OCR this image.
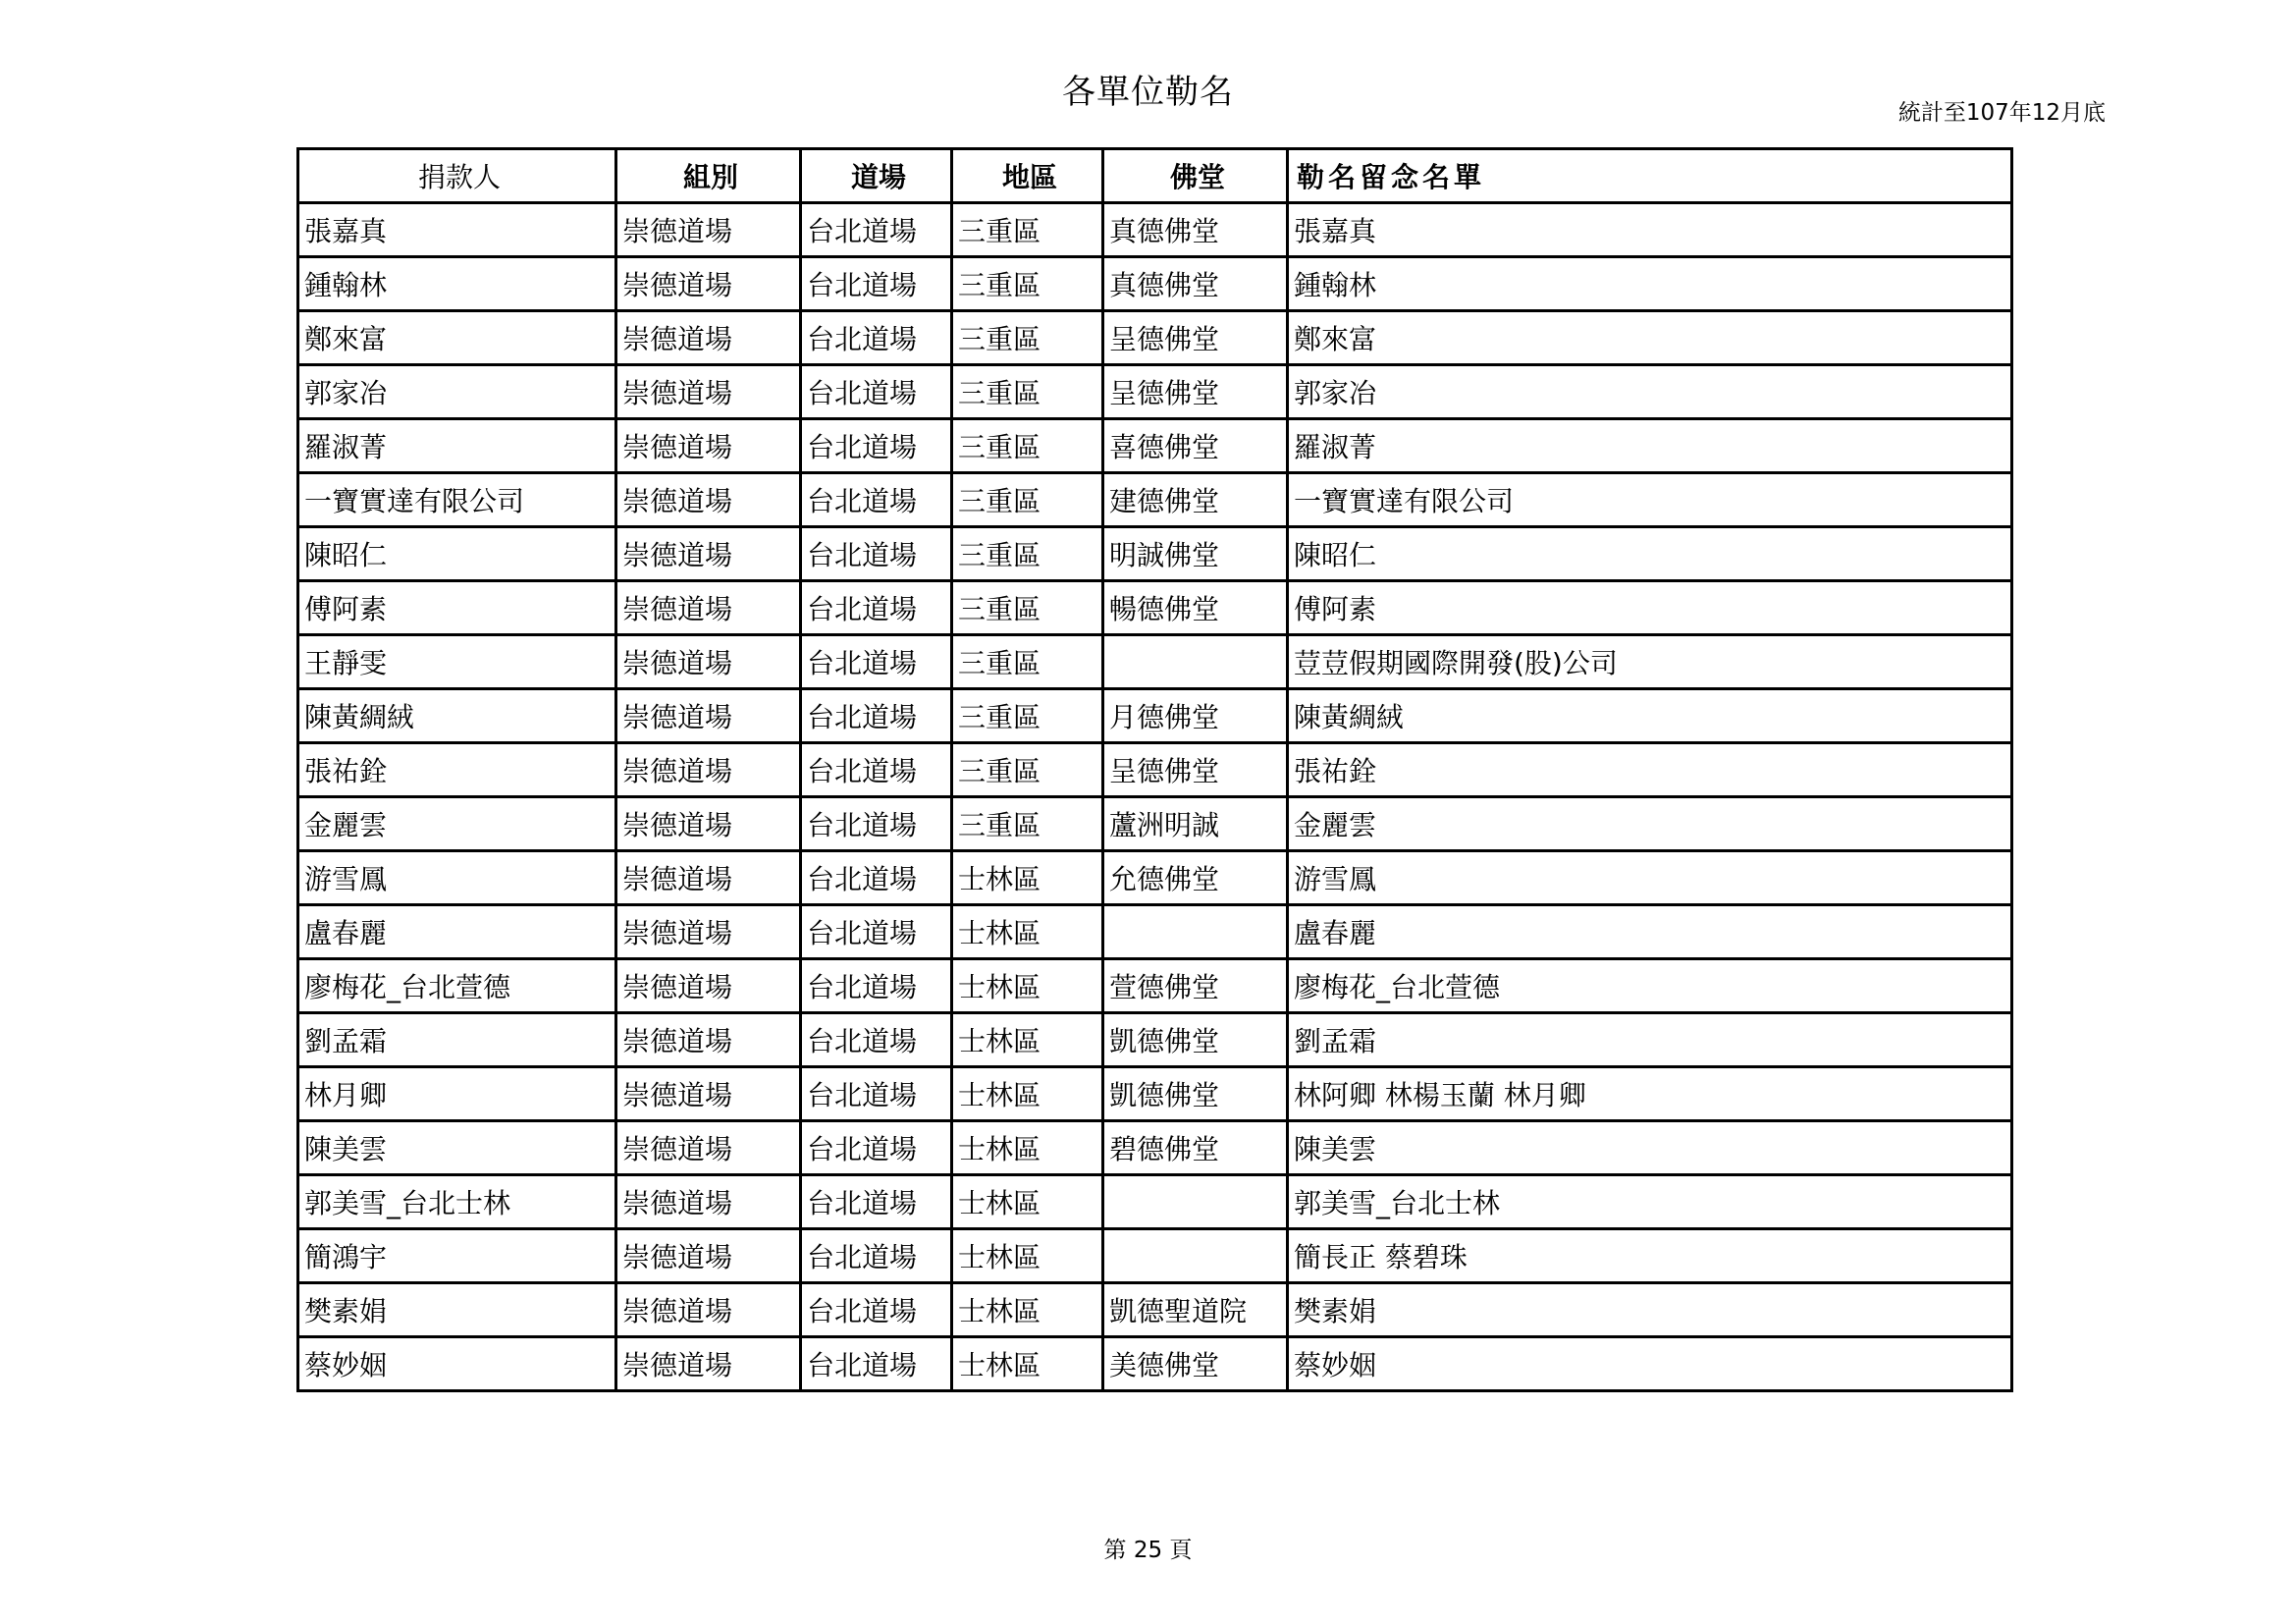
各單位勒名
統計至107年12月底
捐款人	組別	道場	地區	佛堂	勒名留念名單
張嘉真	崇德道場	台北道場	三重區	真德佛堂	張嘉真
鍾翰林	崇德道場	台北道場	三重區	真德佛堂	鍾翰林
鄭來富	崇德道場	台北道場	三重區	呈德佛堂	鄭來富
郭家冶	崇德道場	台北道場	三重區	呈德佛堂	郭家冶
羅淑菁	崇德道場	台北道場	三重區	喜德佛堂	羅淑菁
一寶實達有限公司	崇德道場	台北道場	三重區	建德佛堂	一寶實達有限公司
陳昭仁	崇德道場	台北道場	三重區	明誠佛堂	陳昭仁
傅阿素	崇德道場	台北道場	三重區	暢德佛堂	傅阿素
王靜雯	崇德道場	台北道場	三重區		荳荳假期國際開發(股)公司
陳黃綢絨	崇德道場	台北道場	三重區	月德佛堂	陳黃綢絨
張祐銓	崇德道場	台北道場	三重區	呈德佛堂	張祐銓
金麗雲	崇德道場	台北道場	三重區	蘆洲明誠	金麗雲
游雪鳳	崇德道場	台北道場	士林區	允德佛堂	游雪鳳
盧春麗	崇德道場	台北道場	士林區		盧春麗
廖梅花_台北萱德	崇德道場	台北道場	士林區	萱德佛堂	廖梅花_台北萱德
劉孟霜	崇德道場	台北道場	士林區	凱德佛堂	劉孟霜
林月卿	崇德道場	台北道場	士林區	凱德佛堂	林阿卿 林楊玉蘭 林月卿
陳美雲	崇德道場	台北道場	士林區	碧德佛堂	陳美雲
郭美雪_台北士林	崇德道場	台北道場	士林區		郭美雪_台北士林
簡鴻宇	崇德道場	台北道場	士林區		簡長正 蔡碧珠
樊素娟	崇德道場	台北道場	士林區	凱德聖道院	樊素娟
蔡妙姻	崇德道場	台北道場	士林區	美德佛堂	蔡妙姻
第 25 頁
